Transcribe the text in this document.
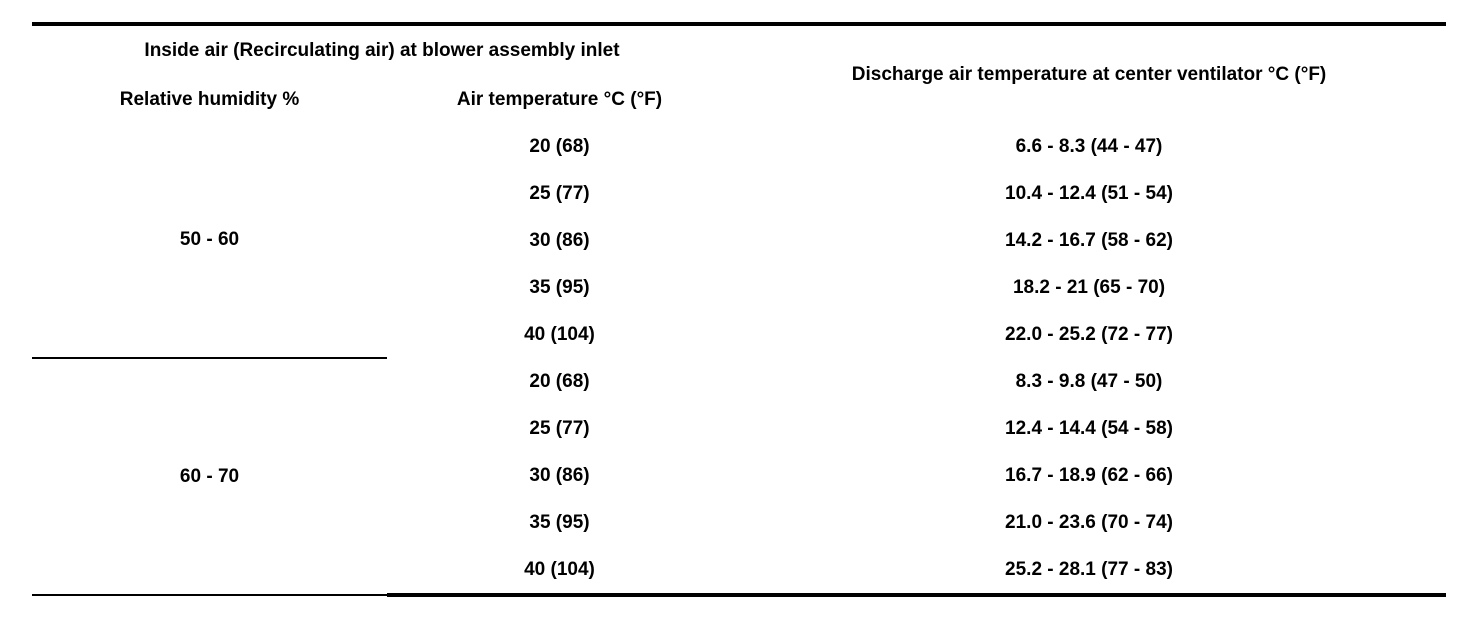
Inside air (Recirculating air) at blower assembly inlet		Discharge air temperature at center ventilator °C (°F)
Relative humidity %	Air temperature °C (°F)	
50 - 60	20 (68)	6.6 - 8.3 (44 - 47)
	25 (77)	10.4 - 12.4 (51 - 54)
	30 (86)	14.2 - 16.7 (58 - 62)
	35 (95)	18.2 - 21 (65 - 70)
	40 (104)	22.0 - 25.2 (72 - 77)
60 - 70	20 (68)	8.3 - 9.8 (47 - 50)
	25 (77)	12.4 - 14.4 (54 - 58)
	30 (86)	16.7 - 18.9 (62 - 66)
	35 (95)	21.0 - 23.6 (70 - 74)
	40 (104)	25.2 - 28.1 (77 - 83)
